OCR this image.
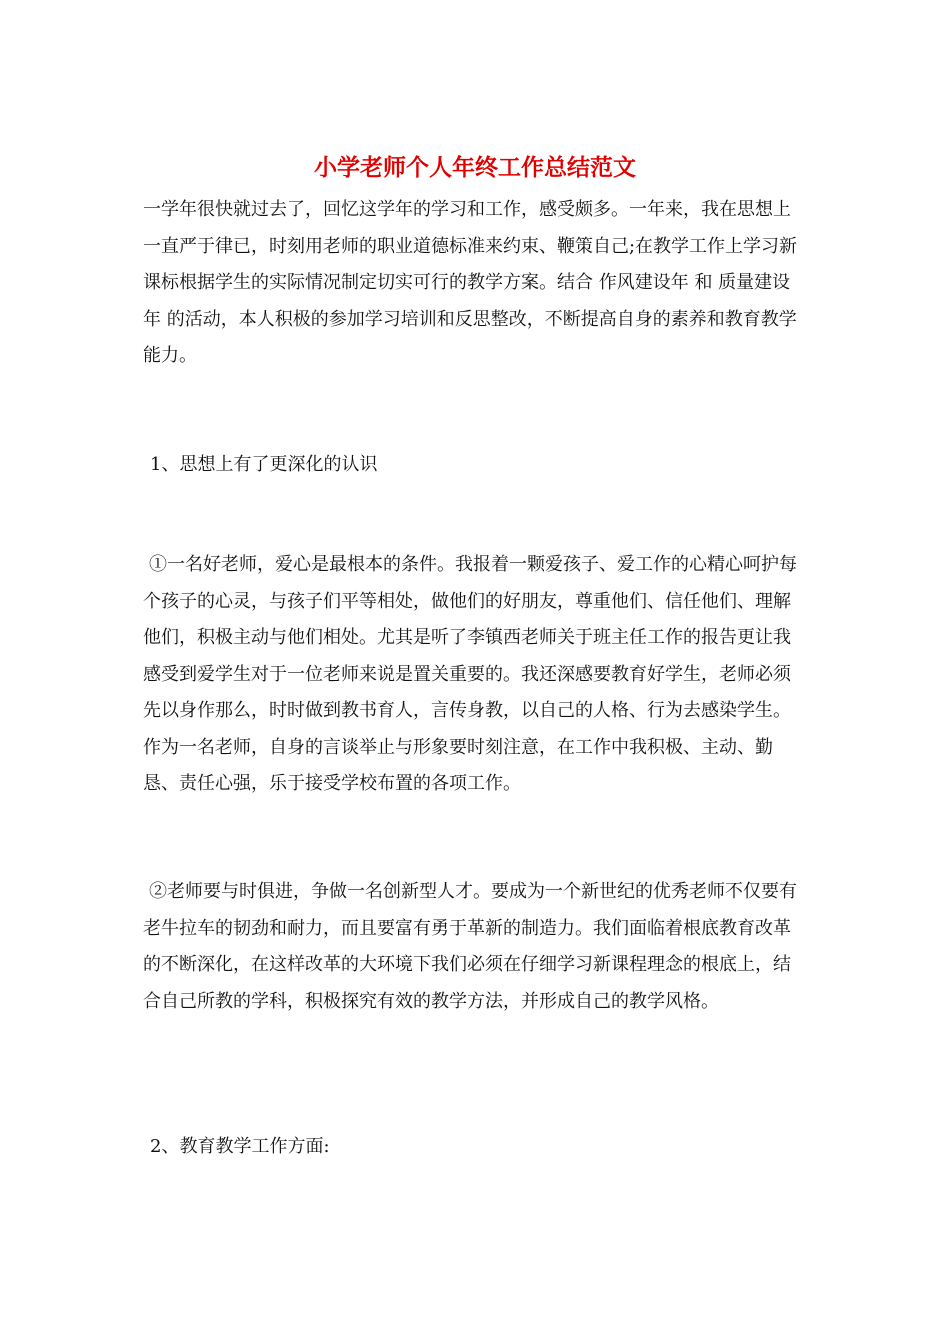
小学老师个人年终工作总结范文

一学年很快就过去了，回忆这学年的学习和工作，感受颇多。一年来，我在思想上一直严于律已，时刻用老师的职业道德标准来约束、鞭策自己;在教学工作上学习新课标根据学生的实际情况制定切实可行的教学方案。结合 作风建设年 和 质量建设年 的活动，本人积极的参加学习培训和反思整改，不断提高自身的素养和教育教学能力。

1、思想上有了更深化的认识

①一名好老师，爱心是最根本的条件。我报着一颗爱孩子、爱工作的心精心呵护每个孩子的心灵，与孩子们平等相处，做他们的好朋友，尊重他们、信任他们、理解他们，积极主动与他们相处。尤其是听了李镇西老师关于班主任工作的报告更让我感受到爱学生对于一位老师来说是置关重要的。我还深感要教育好学生，老师必须先以身作那么，时时做到教书育人，言传身教，以自己的人格、行为去感染学生。作为一名老师，自身的言谈举止与形象要时刻注意，在工作中我积极、主动、勤恳、责任心强，乐于接受学校布置的各项工作。

②老师要与时俱进，争做一名创新型人才。要成为一个新世纪的优秀老师不仅要有老牛拉车的韧劲和耐力，而且要富有勇于革新的制造力。我们面临着根底教育改革的不断深化，在这样改革的大环境下我们必须在仔细学习新课程理念的根底上，结合自己所教的学科，积极探究有效的教学方法，并形成自己的教学风格。

2、教育教学工作方面:
